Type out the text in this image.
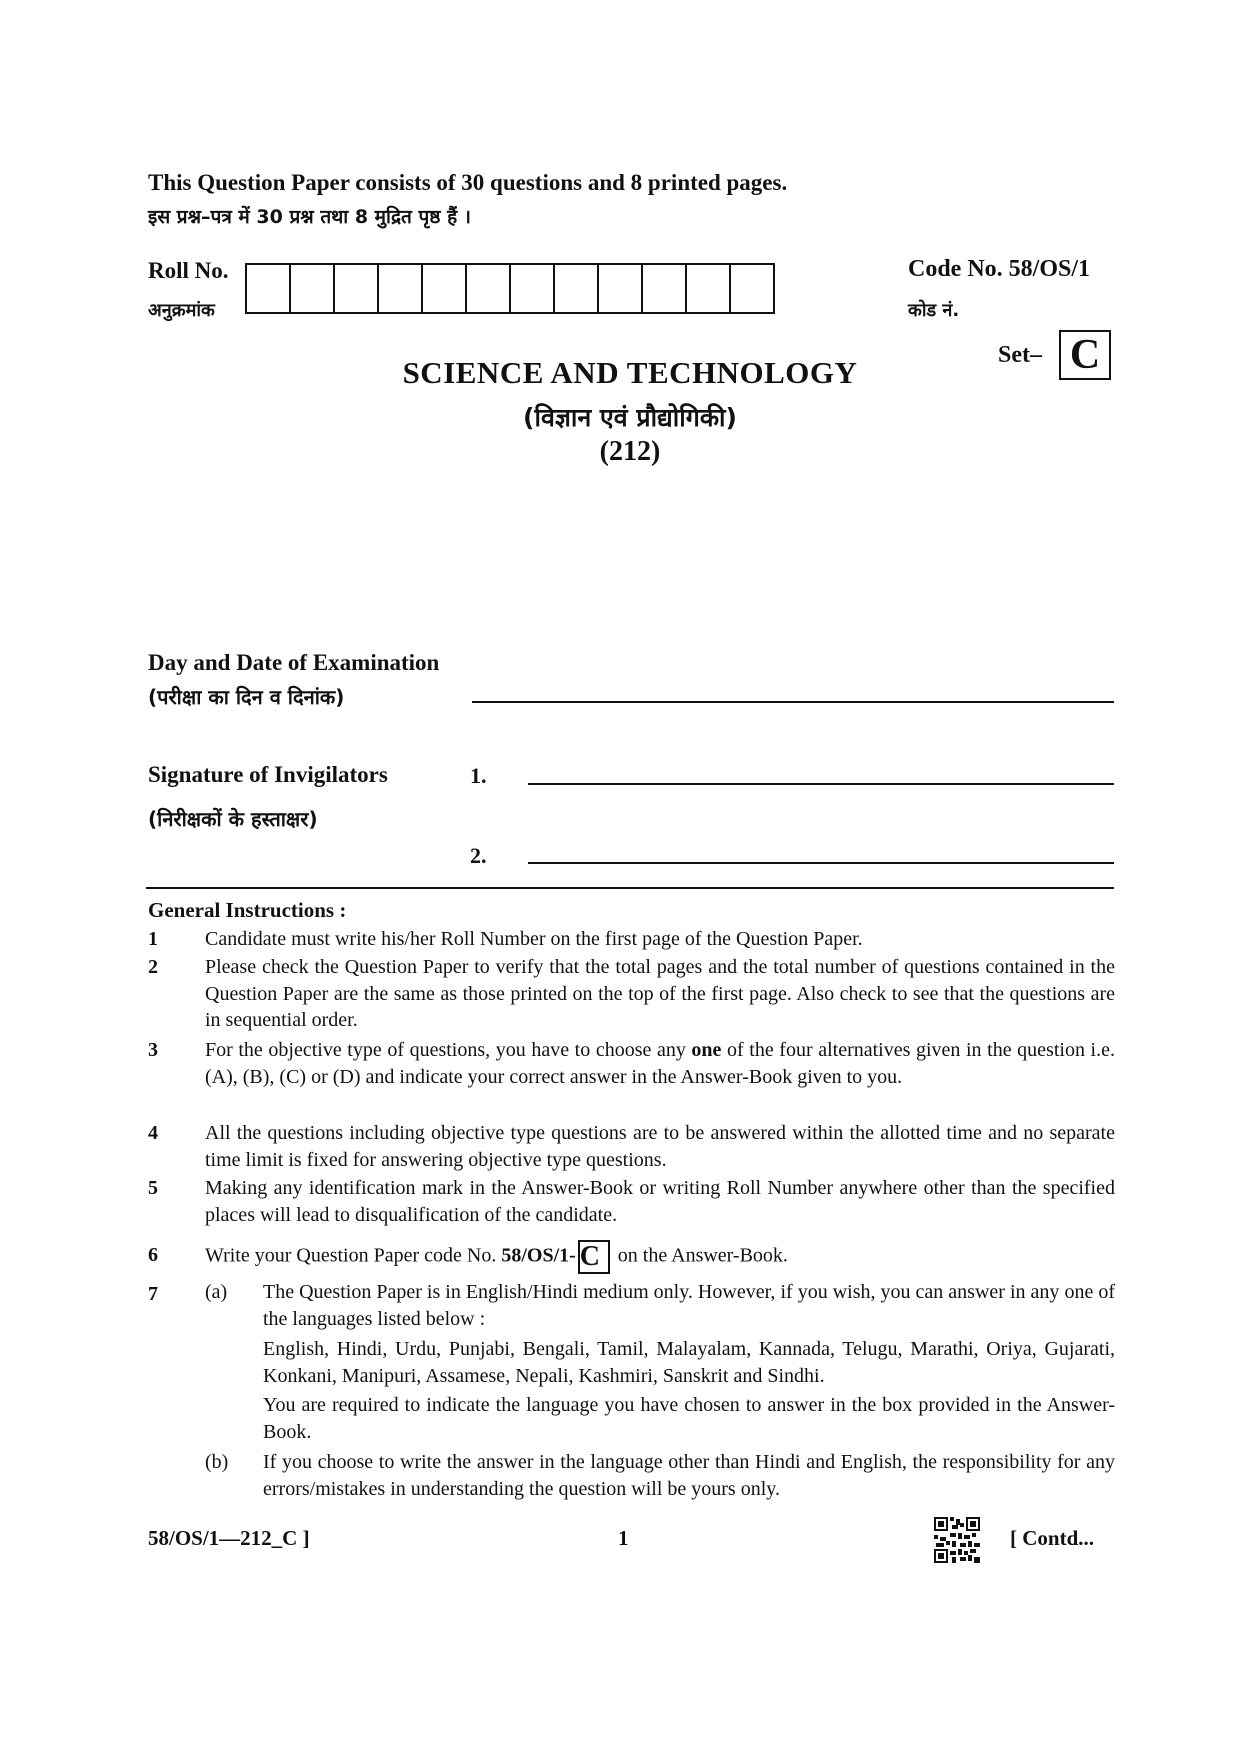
This Question Paper consists of 30 questions and 8 printed pages.
इस प्रश्न–पत्र में 30 प्रश्न तथा 8 मुद्रित पृष्ठ हैं ।
Roll No.
अनुक्रमांक
Code No. 58/OS/1
कोड नं.
Set– C
SCIENCE AND TECHNOLOGY
(विज्ञान एवं प्रौद्योगिकी)
(212)
Day and Date of Examination
(परीक्षा का दिन व दिनांक)
Signature of Invigilators
(निरीक्षकों के हस्ताक्षर)
1.
2.
General Instructions :
1 Candidate must write his/her Roll Number on the first page of the Question Paper.
2 Please check the Question Paper to verify that the total pages and the total number of questions contained in the Question Paper are the same as those printed on the top of the first page. Also check to see that the questions are in sequential order.
3 For the objective type of questions, you have to choose any one of the four alternatives given in the question i.e. (A), (B), (C) or (D) and indicate your correct answer in the Answer-Book given to you.
4 All the questions including objective type questions are to be answered within the allotted time and no separate time limit is fixed for answering objective type questions.
5 Making any identification mark in the Answer-Book or writing Roll Number anywhere other than the specified places will lead to disqualification of the candidate.
6 Write your Question Paper code No. 58/OS/1- C on the Answer-Book.
7 (a) The Question Paper is in English/Hindi medium only. However, if you wish, you can answer in any one of the languages listed below :
English, Hindi, Urdu, Punjabi, Bengali, Tamil, Malayalam, Kannada, Telugu, Marathi, Oriya, Gujarati, Konkani, Manipuri, Assamese, Nepali, Kashmiri, Sanskrit and Sindhi.
You are required to indicate the language you have chosen to answer in the box provided in the Answer-Book.
(b) If you choose to write the answer in the language other than Hindi and English, the responsibility for any errors/mistakes in understanding the question will be yours only.
58/OS/1—212_C ]	1	[ Contd...
